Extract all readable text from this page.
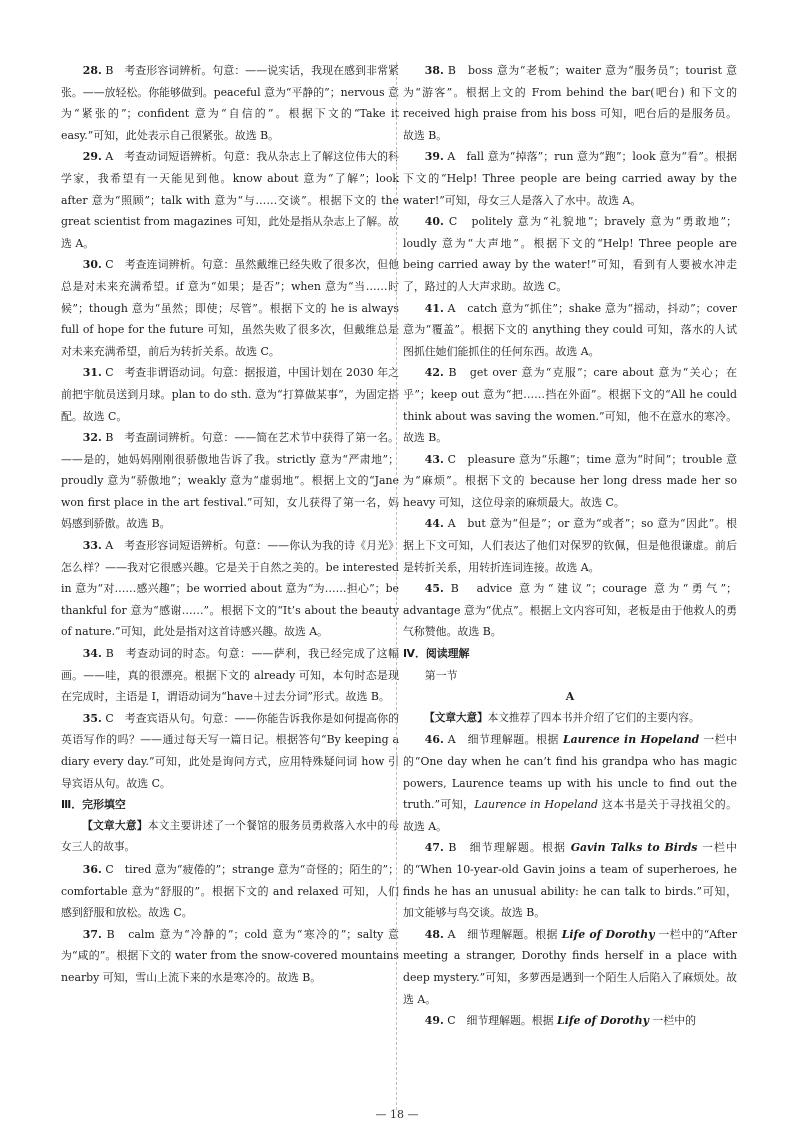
28. B　考查形容词辨析。句意：——说实话，我现在感到非常紧张。——放轻松。你能够做到。peaceful 意为“平静的”；nervous 意为“紧张的”；confident 意为“自信的”。根据下文的“Take it easy.”可知，此处表示自己很紧张。故选 B。

29. A　考查动词短语辨析。句意：我从杂志上了解这位伟大的科学家，我希望有一天能见到他。know about 意为“了解”；look after 意为“照顾”；talk with 意为“与……交谈”。根据下文的 the great scientist from magazines 可知，此处是指从杂志上了解。故选 A。

30. C　考查连词辨析。句意：虽然戴维已经失败了很多次，但他总是对未来充满希望。if 意为“如果；是否”；when 意为“当……时候”；though 意为“虽然；即使；尽管”。根据下文的 he is always full of hope for the future 可知，虽然失败了很多次，但戴维总是对未来充满希望，前后为转折关系。故选 C。

31. C　考查非谓语动词。句意：据报道，中国计划在 2030 年之前把宇航员送到月球。plan to do sth. 意为“打算做某事”，为固定搭配。故选 C。

32. B　考查副词辨析。句意：——简在艺术节中获得了第一名。——是的，她妈妈刚刚很骄傲地告诉了我。strictly 意为“严肃地”；proudly 意为“骄傲地”；weakly 意为“虚弱地”。根据上文的“Jane won first place in the art festival.”可知，女儿获得了第一名，妈妈感到骄傲。故选 B。

33. A　考查形容词短语辨析。句意：——你认为我的诗《月光》怎么样？——我对它很感兴趣。它是关于自然之美的。be interested in 意为“对……感兴趣”；be worried about 意为“为……担心”；be thankful for 意为“感谢……”。根据下文的“It’s about the beauty of nature.”可知，此处是指对这首诗感兴趣。故选 A。

34. B　考查动词的时态。句意：——萨利，我已经完成了这幅画。——哇，真的很漂亮。根据下文的 already 可知，本句时态是现在完成时，主语是 I，谓语动词为“have＋过去分词”形式。故选 B。

35. C　考查宾语从句。句意：——你能告诉我你是如何提高你的英语写作的吗？——通过每天写一篇日记。根据答句“By keeping a diary every day.”可知，此处是询问方式，应用特殊疑问词 how 引导宾语从句。故选 C。

Ⅲ．完形填空

【文章大意】本文主要讲述了一个餐馆的服务员勇救落入水中的母女三人的故事。

36. C　tired 意为“疲倦的”；strange 意为“奇怪的；陌生的”；comfortable 意为“舒服的”。根据下文的 and relaxed 可知，人们感到舒服和放松。故选 C。

37. B　calm 意为“冷静的”；cold 意为“寒冷的”；salty 意为“咸的”。根据下文的 water from the snow-covered mountains nearby 可知，雪山上流下来的水是寒冷的。故选 B。

38. B　boss 意为“老板”；waiter 意为“服务员”；tourist 意为“游客”。根据上文的 From behind the bar(吧台) 和下文的 received high praise from his boss 可知，吧台后的是服务员。故选 B。

39. A　fall 意为“掉落”；run 意为“跑”；look 意为“看”。根据下文的“Help! Three people are being carried away by the water!”可知，母女三人是落入了水中。故选 A。

40. C　politely 意为“礼貌地”；bravely 意为“勇敢地”；loudly 意为“大声地”。根据下文的“Help! Three people are being carried away by the water!”可知，看到有人要被水冲走了，路过的人大声求助。故选 C。

41. A　catch 意为“抓住”；shake 意为“摇动，抖动”；cover 意为“覆盖”。根据下文的 anything they could 可知，落水的人试图抓住她们能抓住的任何东西。故选 A。

42. B　get over 意为“克服”；care about 意为“关心；在乎”；keep out 意为“把……挡在外面”。根据下文的“All he could think about was saving the women.”可知，他不在意水的寒冷。故选 B。

43. C　pleasure 意为“乐趣”；time 意为“时间”；trouble 意为“麻烦”。根据下文的 because her long dress made her so heavy 可知，这位母亲的麻烦最大。故选 C。

44. A　but 意为“但是”；or 意为“或者”；so 意为“因此”。根据上下文可知，人们表达了他们对保罗的钦佩，但是他很谦虚。前后是转折关系，用转折连词连接。故选 A。

45. B　advice 意为“建议”；courage 意为“勇气”；advantage 意为“优点”。根据上文内容可知，老板是由于他救人的勇气称赞他。故选 B。

Ⅳ．阅读理解

第一节

A

【文章大意】本文推荐了四本书并介绍了它们的主要内容。

46. A　细节理解题。根据 Laurence in Hopeland 一栏中的“One day when he can’t find his grandpa who has magic powers, Laurence teams up with his uncle to find out the truth.”可知，Laurence in Hopeland 这本书是关于寻找祖父的。故选 A。

47. B　细节理解题。根据 Gavin Talks to Birds 一栏中的“When 10-year-old Gavin joins a team of superheroes, he finds he has an unusual ability: he can talk to birds.”可知，加文能够与鸟交谈。故选 B。

48. A　细节理解题。根据 Life of Dorothy 一栏中的“After meeting a stranger, Dorothy finds herself in a place with deep mystery.”可知，多萝西是遇到一个陌生人后陷入了麻烦处。故选 A。

49. C　细节理解题。根据 Life of Dorothy 一栏中的

— 18 —
